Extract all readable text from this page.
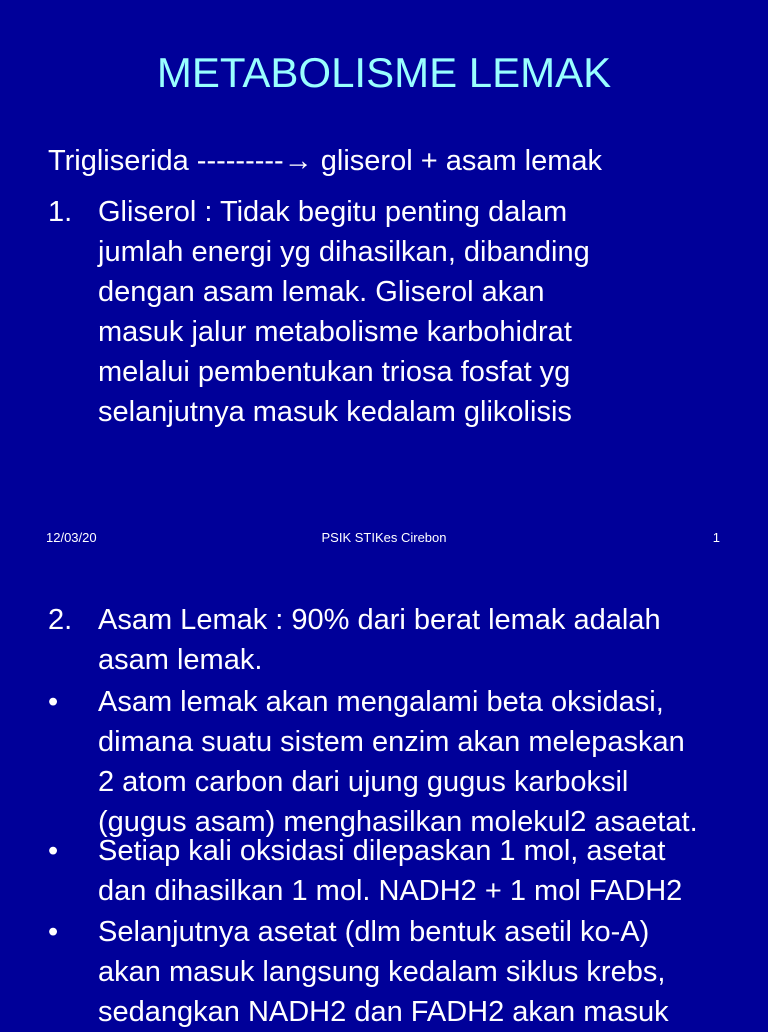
METABOLISME LEMAK
Trigliserida ---------→ gliserol + asam lemak
1. Gliserol : Tidak begitu penting dalam
jumlah energi yg dihasilkan, dibanding
dengan asam lemak. Gliserol akan
masuk jalur metabolisme karbohidrat
melalui pembentukan triosa fosfat yg
selanjutnya masuk kedalam glikolisis
12/03/20	PSIK STIKes Cirebon	1
2. Asam Lemak : 90% dari berat lemak adalah
asam lemak.
• Asam lemak akan mengalami beta oksidasi,
dimana suatu sistem enzim akan melepaskan
2 atom carbon dari ujung gugus karboksil
(gugus asam) menghasilkan molekul2 asaetat.
• Setiap kali oksidasi dilepaskan 1 mol, asetat
dan dihasilkan 1 mol. NADH2 + 1 mol FADH2
• Selanjutnya asetat (dlm bentuk asetil ko-A)
akan masuk langsung kedalam siklus krebs,
sedangkan NADH2 dan FADH2 akan masuk
